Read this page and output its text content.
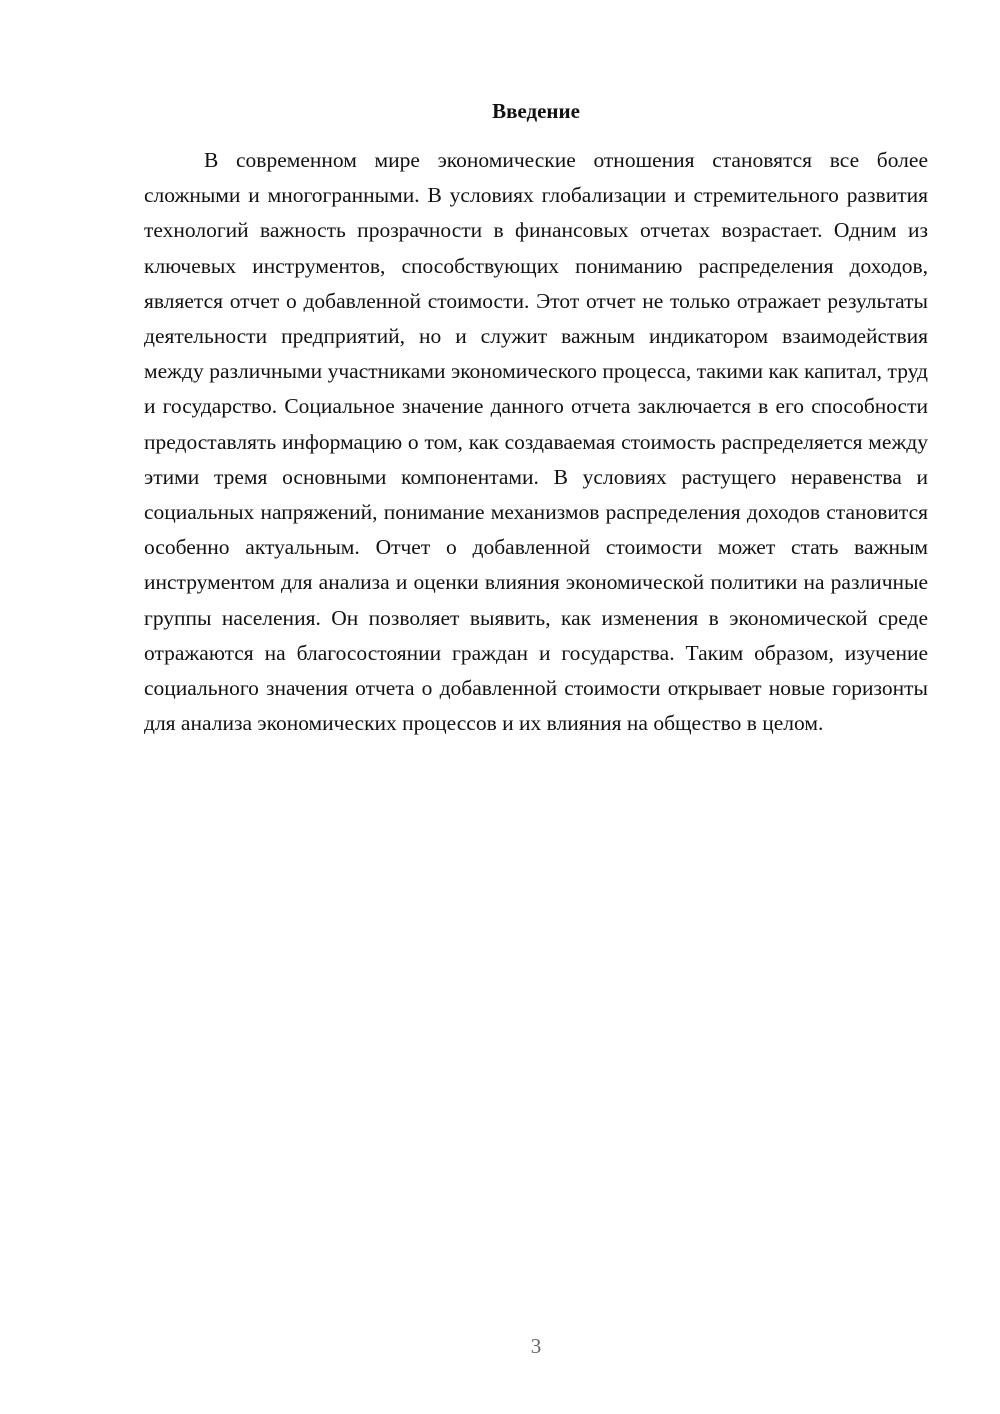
Введение

В современном мире экономические отношения становятся все более сложными и многогранными. В условиях глобализации и стремительного развития технологий важность прозрачности в финансовых отчетах возрастает. Одним из ключевых инструментов, способствующих пониманию распределения доходов, является отчет о добавленной стоимости. Этот отчет не только отражает результаты деятельности предприятий, но и служит важным индикатором взаимодействия между различными участниками экономического процесса, такими как капитал, труд и государство. Социальное значение данного отчета заключается в его способности предоставлять информацию о том, как создаваемая стоимость распределяется между этими тремя основными компонентами. В условиях растущего неравенства и социальных напряжений, понимание механизмов распределения доходов становится особенно актуальным. Отчет о добавленной стоимости может стать важным инструментом для анализа и оценки влияния экономической политики на различные группы населения. Он позволяет выявить, как изменения в экономической среде отражаются на благосостоянии граждан и государства. Таким образом, изучение социального значения отчета о добавленной стоимости открывает новые горизонты для анализа экономических процессов и их влияния на общество в целом.

3
